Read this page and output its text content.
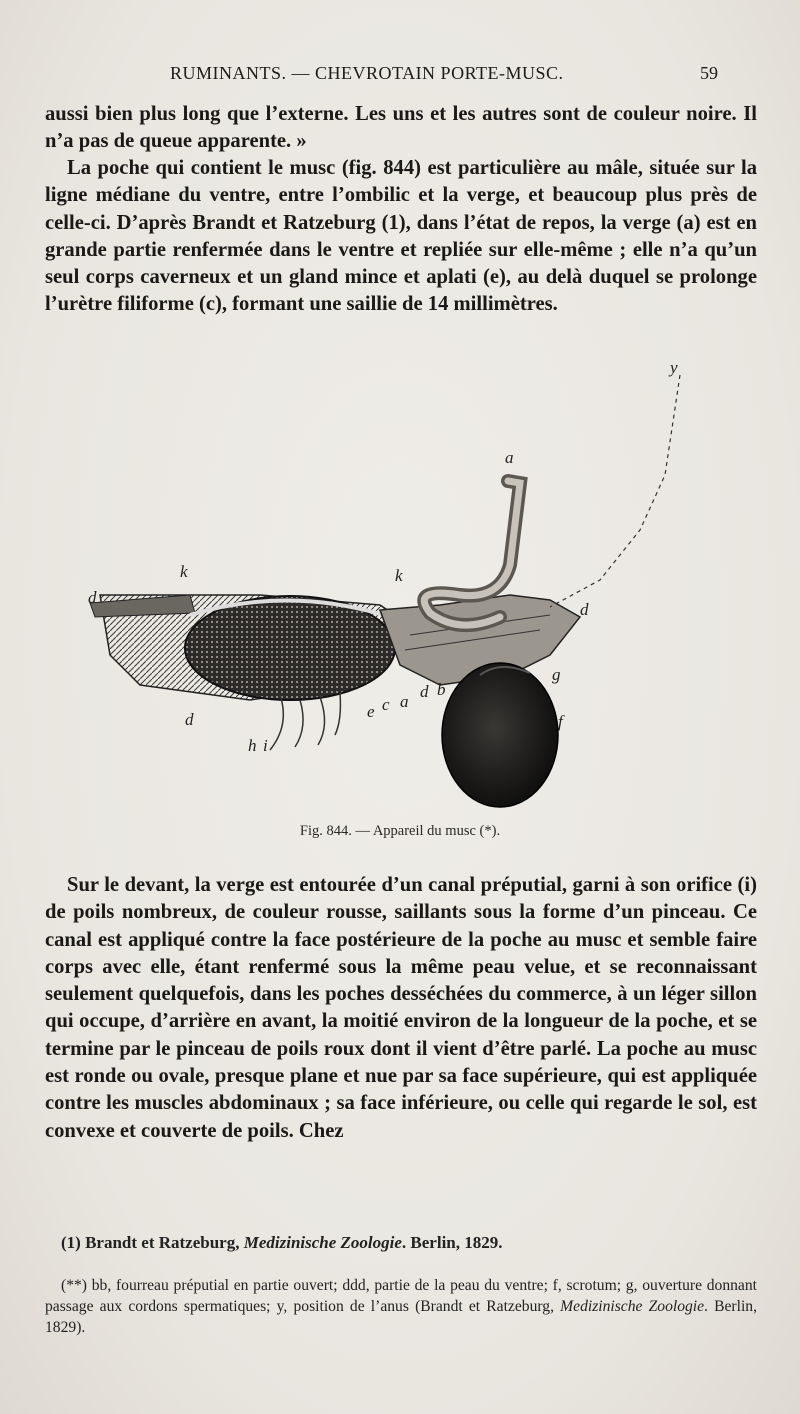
RUMINANTS. — CHEVROTAIN PORTE-MUSC.	59

aussi bien plus long que l’externe. Les uns et les autres sont de couleur noire. Il n’a pas de queue apparente. »

La poche qui contient le musc (fig. 844) est particulière au mâle, située sur la ligne médiane du ventre, entre l’ombilic et la verge, et beaucoup plus près de celle-ci. D’après Brandt et Ratzeburg (1), dans l’état de repos, la verge (a) est en grande partie renfermée dans le ventre et repliée sur elle-même ; elle n’a qu’un seul corps caverneux et un gland mince et aplati (e), au delà duquel se prolonge l’urètre filiforme (c), formant une saillie de 14 millimètres.

y
a
k	k
d
d
g
b
e c a
d
d	f
h i
Fig. 844. — Appareil du musc (*).

Sur le devant, la verge est entourée d’un canal préputial, garni à son orifice (i) de poils nombreux, de couleur rousse, saillants sous la forme d’un pinceau. Ce canal est appliqué contre la face postérieure de la poche au musc et semble faire corps avec elle, étant renfermé sous la même peau velue, et se reconnaissant seulement quelquefois, dans les poches desséchées du commerce, à un léger sillon qui occupe, d’arrière en avant, la moitié environ de la longueur de la poche, et se termine par le pinceau de poils roux dont il vient d’être parlé. La poche au musc est ronde ou ovale, presque plane et nue par sa face supérieure, qui est appliquée contre les muscles abdominaux ; sa face inférieure, ou celle qui regarde le sol, est convexe et couverte de poils. Chez

(1) Brandt et Ratzeburg, Medizinische Zoologie. Berlin, 1829.

(**) bb, fourreau préputial en partie ouvert; ddd, partie de la peau du ventre; f, scrotum; g, ouverture donnant passage aux cordons spermatiques; y, position de l’anus (Brandt et Ratzeburg, Medizinische Zoologie. Berlin, 1829).
